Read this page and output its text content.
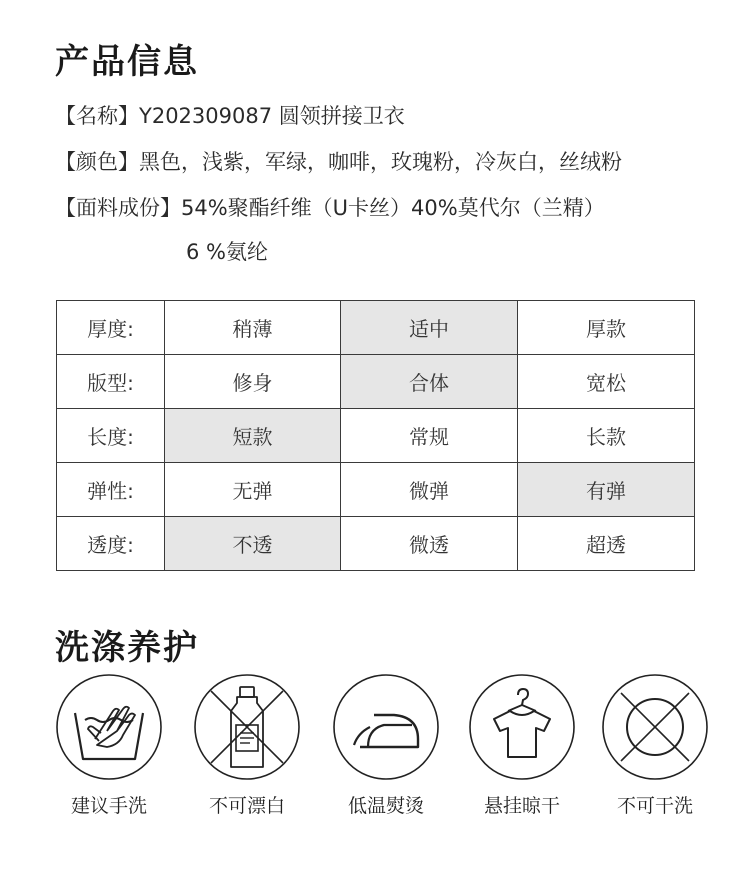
产品信息
【名称】Y202309087 圆领拼接卫衣
【颜色】黑色，浅紫，军绿，咖啡，玫瑰粉，冷灰白，丝绒粉
【面料成份】54%聚酯纤维（U卡丝）40%莫代尔（兰精）
6 %氨纶
厚度:	稍薄	适中	厚款
版型:	修身	合体	宽松
长度:	短款	常规	长款
弹性:	无弹	微弹	有弹
透度:	不透	微透	超透
洗涤养护
建议手洗	不可漂白	低温熨烫	悬挂晾干	不可干洗
